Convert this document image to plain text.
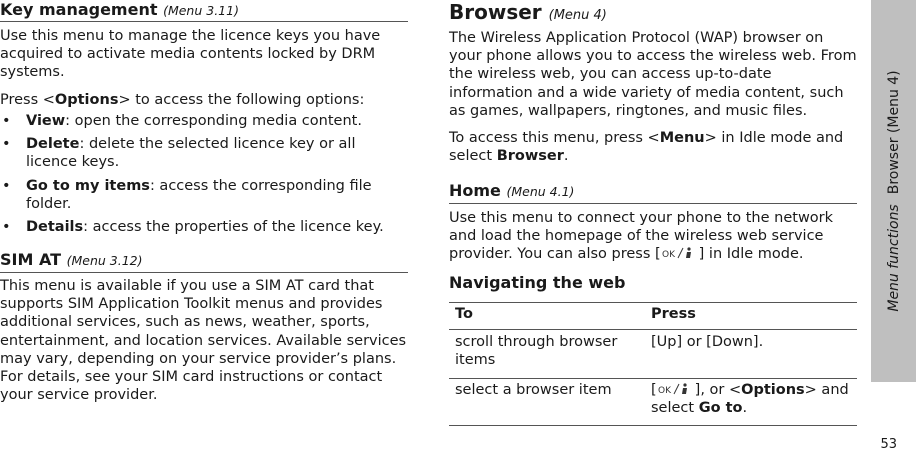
Key management (Menu 3.11)

Use this menu to manage the licence keys you have acquired to activate media contents locked by DRM systems.

Press <Options> to access the following options:

• View: open the corresponding media content.
• Delete: delete the selected licence key or all licence keys.
• Go to my items: access the corresponding file folder.
• Details: access the properties of the licence key.
SIM AT (Menu 3.12)

This menu is available if you use a SIM AT card that supports SIM Application Toolkit menus and provides additional services, such as news, weather, sports, entertainment, and location services. Available services may vary, depending on your service provider’s plans. For details, see your SIM card instructions or contact your service provider.

Browser (Menu 4)

The Wireless Application Protocol (WAP) browser on your phone allows you to access the wireless web. From the wireless web, you can access up-to-date information and a wide variety of media content, such as games, wallpapers, ringtones, and music files.

To access this menu, press <Menu> in Idle mode and select Browser.

Home (Menu 4.1)

Use this menu to connect your phone to the network and load the homepage of the wireless web service provider. You can also press [ OK ] in Idle mode.

Navigating the web
To	Press

scroll through browser items

[Up] or [Down].

select a browser item	[ OK ], or <Options> and select Go to.

Menu functions
Browser (Menu 4)
53
